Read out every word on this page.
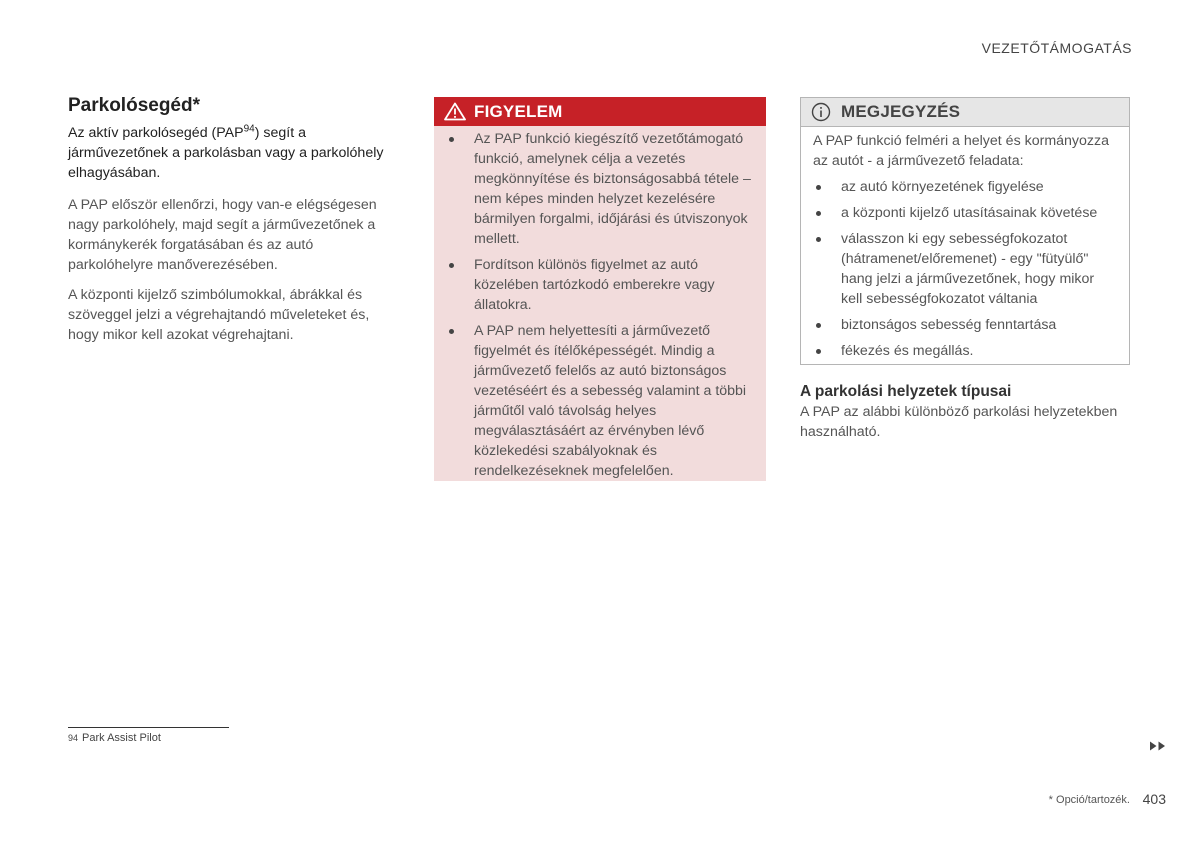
VEZETŐTÁMOGATÁS
Parkolósegéd*
Az aktív parkolósegéd (PAP$^{94}$) segít a járművezetőnek a parkolásban vagy a parkolóhely elhagyásában.

A PAP először ellenőrzi, hogy van-e elégségesen nagy parkolóhely, majd segít a járművezetőnek a kormánykerék forgatásában és az autó parkolóhelyre manőverezésében.

A központi kijelző szimbólumokkal, ábrákkal és szöveggel jelzi a végrehajtandó műveleteket és, hogy mikor kell azokat végrehajtani.

FIGYELEM
Az PAP funkció kiegészítő vezetőtámogató funkció, amelynek célja a vezetés megkönnyítése és biztonságosabbá tétele – nem képes minden helyzet kezelésére bármilyen forgalmi, időjárási és útviszonyok mellett.
Fordítson különös figyelmet az autó közelében tartózkodó emberekre vagy állatokra.
A PAP nem helyettesíti a járművezető figyelmét és ítélőképességét. Mindig a járművezető felelős az autó biztonságos vezetéséért és a sebesség valamint a többi járműtől való távolság helyes megválasztásáért az érvényben lévő közlekedési szabályoknak és rendelkezéseknek megfelelően.
MEGJEGYZÉS
A PAP funkció felméri a helyet és kormányozza az autót - a járművezető feladata:
az autó környezetének figyelése
a központi kijelző utasításainak követése
válasszon ki egy sebességfokozatot (hátramenet/előremenet) - egy "fütyülő" hang jelzi a járművezetőnek, hogy mikor kell sebességfokozatot váltania
biztonságos sebesség fenntartása
fékezés és megállás.
A parkolási helyzetek típusai

A PAP az alábbi különböző parkolási helyzetekben használható.

94 Park Assist Pilot
* Opció/tartozék. 403
